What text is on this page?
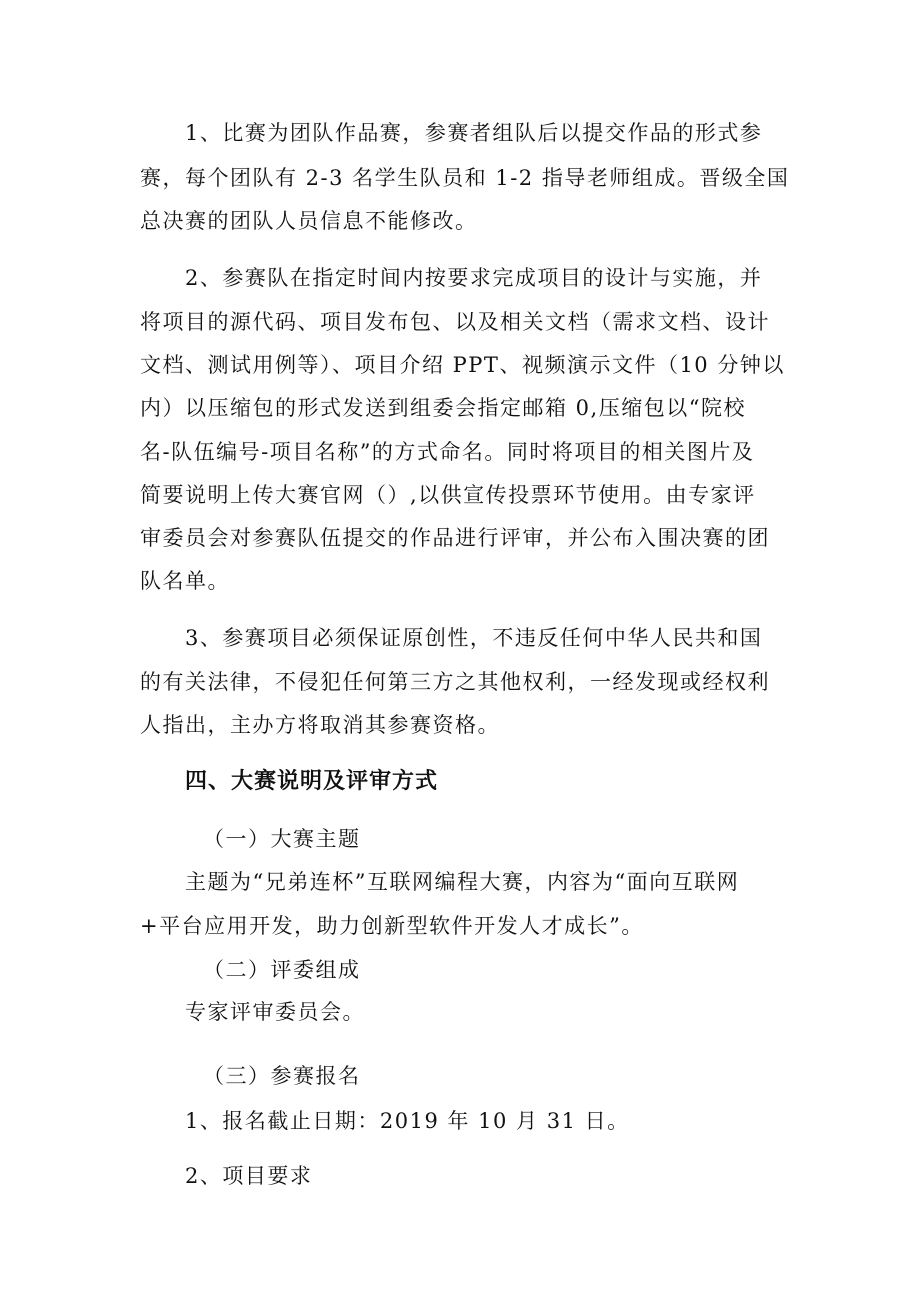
1、比赛为团队作品赛，参赛者组队后以提交作品的形式参
赛，每个团队有 2-3 名学生队员和 1-2 指导老师组成。晋级全国
总决赛的团队人员信息不能修改。
2、参赛队在指定时间内按要求完成项目的设计与实施，并
将项目的源代码、项目发布包、以及相关文档（需求文档、设计
文档、测试用例等）、项目介绍 PPT、视频演示文件（10 分钟以
内）以压缩包的形式发送到组委会指定邮箱 0,压缩包以“院校
名-队伍编号-项目名称”的方式命名。同时将项目的相关图片及
简要说明上传大赛官网（）,以供宣传投票环节使用。由专家评
审委员会对参赛队伍提交的作品进行评审，并公布入围决赛的团
队名单。
3、参赛项目必须保证原创性，不违反任何中华人民共和国
的有关法律，不侵犯任何第三方之其他权利，一经发现或经权利
人指出，主办方将取消其参赛资格。
四、大赛说明及评审方式
（一）大赛主题
主题为“兄弟连杯”互联网编程大赛，内容为“面向互联网
+平台应用开发，助力创新型软件开发人才成长”。
（二）评委组成
专家评审委员会。
（三）参赛报名
1、报名截止日期：2019 年 10 月 31 日。
2、项目要求
